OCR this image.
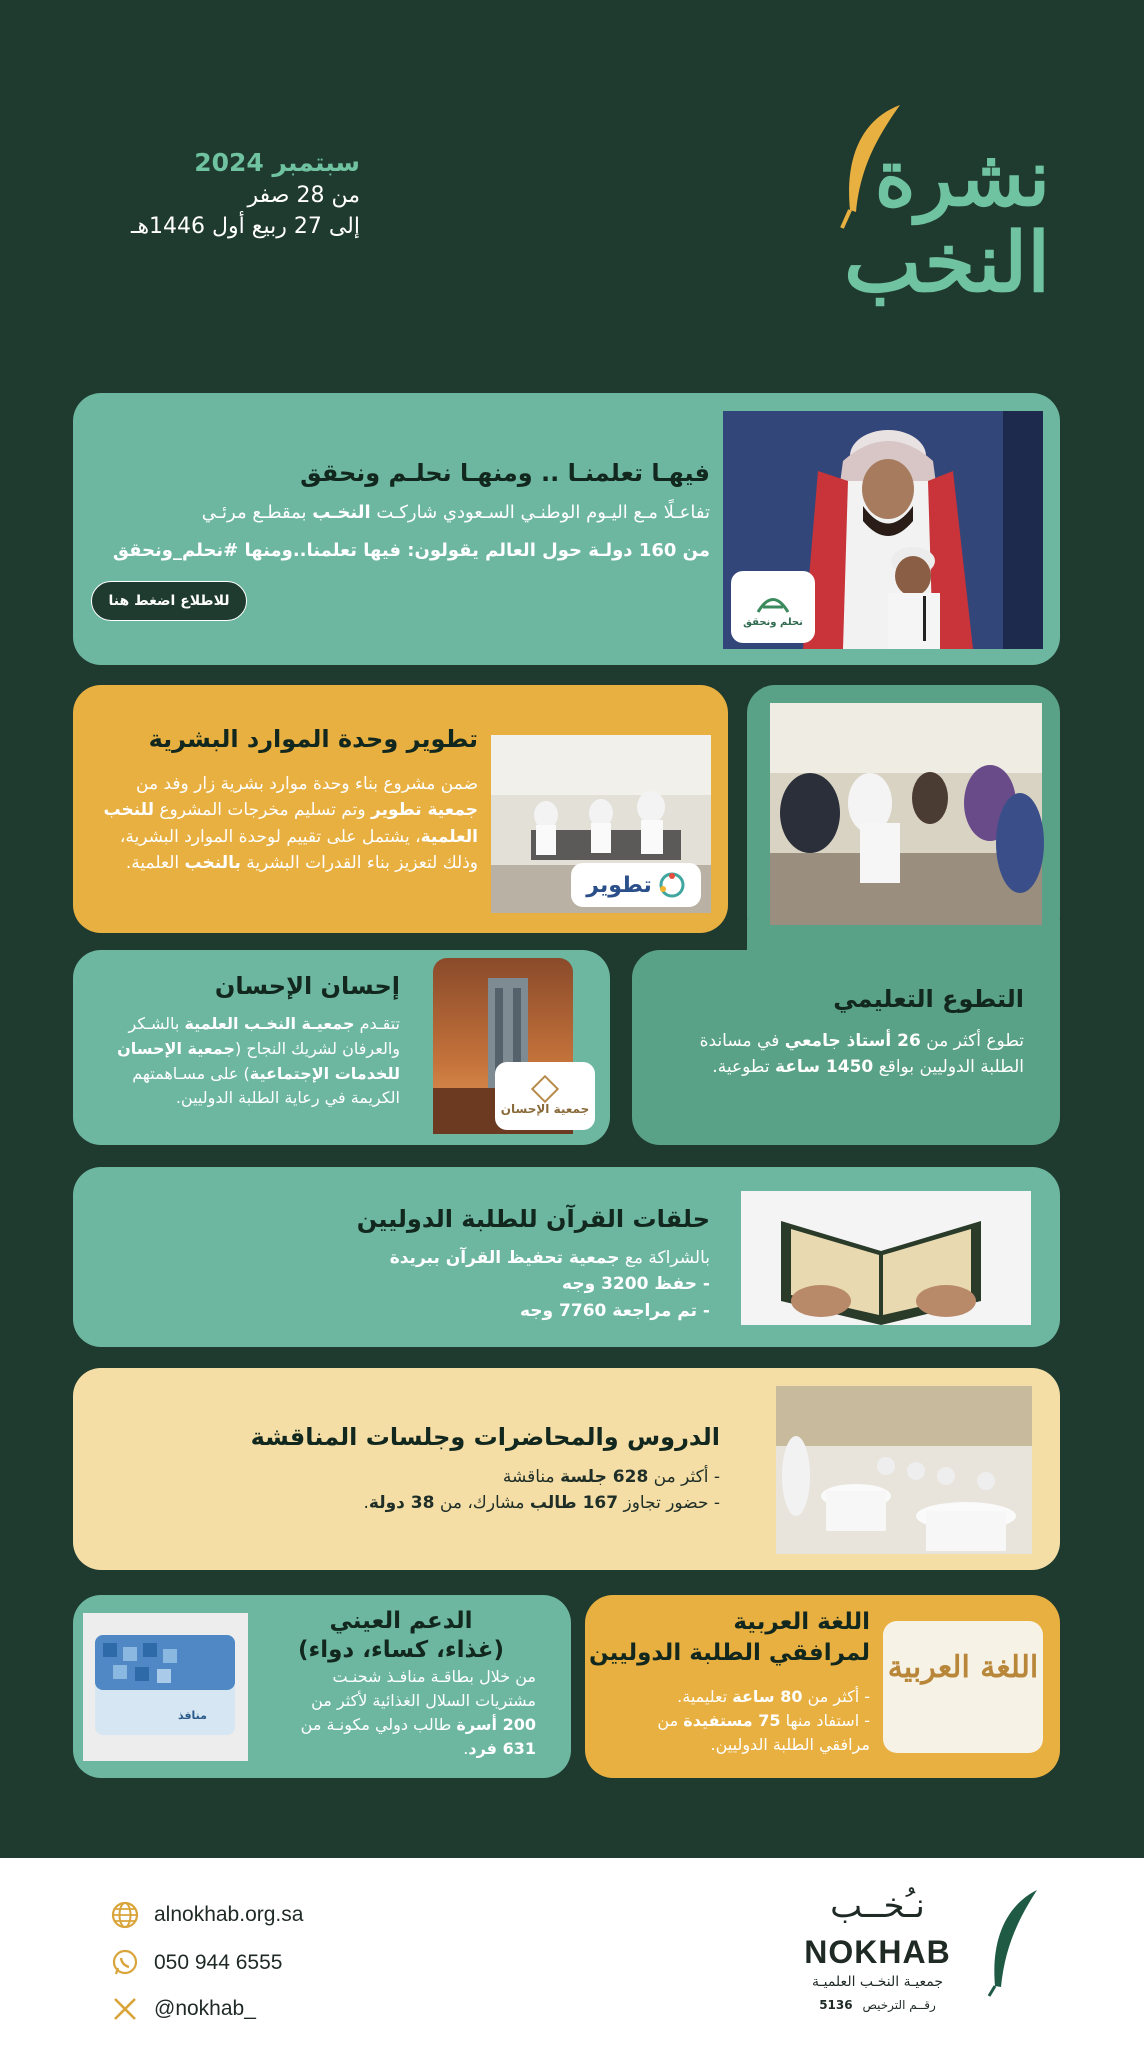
سبتمبر 2024
من 28 صفر
إلى 27 ربيع أول 1446هـ
نشرة
النخب
نحلم ونحقق
فيهـا تعلمنـا .. ومنهـا نحلـم ونحقق
تفاعـلًا مـع اليـوم الوطنـي السـعودي شاركـت النخـب بمقطـع مرئـي
من 160 دولـة حول العالم يقولون: فيها تعلمنا..ومنها #نحلم_ونحقق
للاطلاع اضغط هنا
تطوير
تطوير وحدة الموارد البشرية
ضمن مشروع بناء وحدة موارد بشرية زار وفد من
جمعية تطوير وتم تسليم مخرجات المشروع للنخب
العلمية، يشتمل على تقييم لوحدة الموارد البشرية،
وذلك لتعزيز بناء القدرات البشرية بالنخب العلمية.
التطوع التعليمي
تطوع أكثر من 26 أستاذ جامعي في مساندة
الطلبة الدوليين بواقع 1450 ساعة تطوعية.
جمعية الإحسان
إحسان الإحسان
تتقـدم جمعيـة النخـب العلمية بالشـكر
والعرفان لشريك النجاح (جمعية الإحسان
للخدمات الإجتماعية) على مسـاهمتهم
الكريمة في رعاية الطلبة الدوليين.
حلقات القرآن للطلبة الدوليين
بالشراكة مع جمعية تحفيظ القرآن ببريدة
- حفظ 3200 وجه
- تم مراجعة 7760 وجه
الدروس والمحاضرات وجلسات المناقشة
- أكثر من 628 جلسة مناقشة
- حضور تجاوز 167 طالب مشارك، من 38 دولة.
منافذ
الدعم العيني
(غذاء، كساء، دواء)
من خلال بطاقـة منافـذ شحنـت
مشتريات السلال الغذائية لأكثر من
200 أسرة طالب دولي مكونـة من
631 فرد.
اللغة العربية
اللغة العربية
لمرافقي الطلبة الدوليين
- أكثر من 80 ساعة تعليمية.
- استفاد منها 75 مستفيدة من
مرافقي الطلبة الدوليين.
alnokhab.org.sa
050 944 6555
@nokhab_
نـُخــب
NOKHAB
جمعيـة النخـب العلميـة
رقــم الترخيص 5136
